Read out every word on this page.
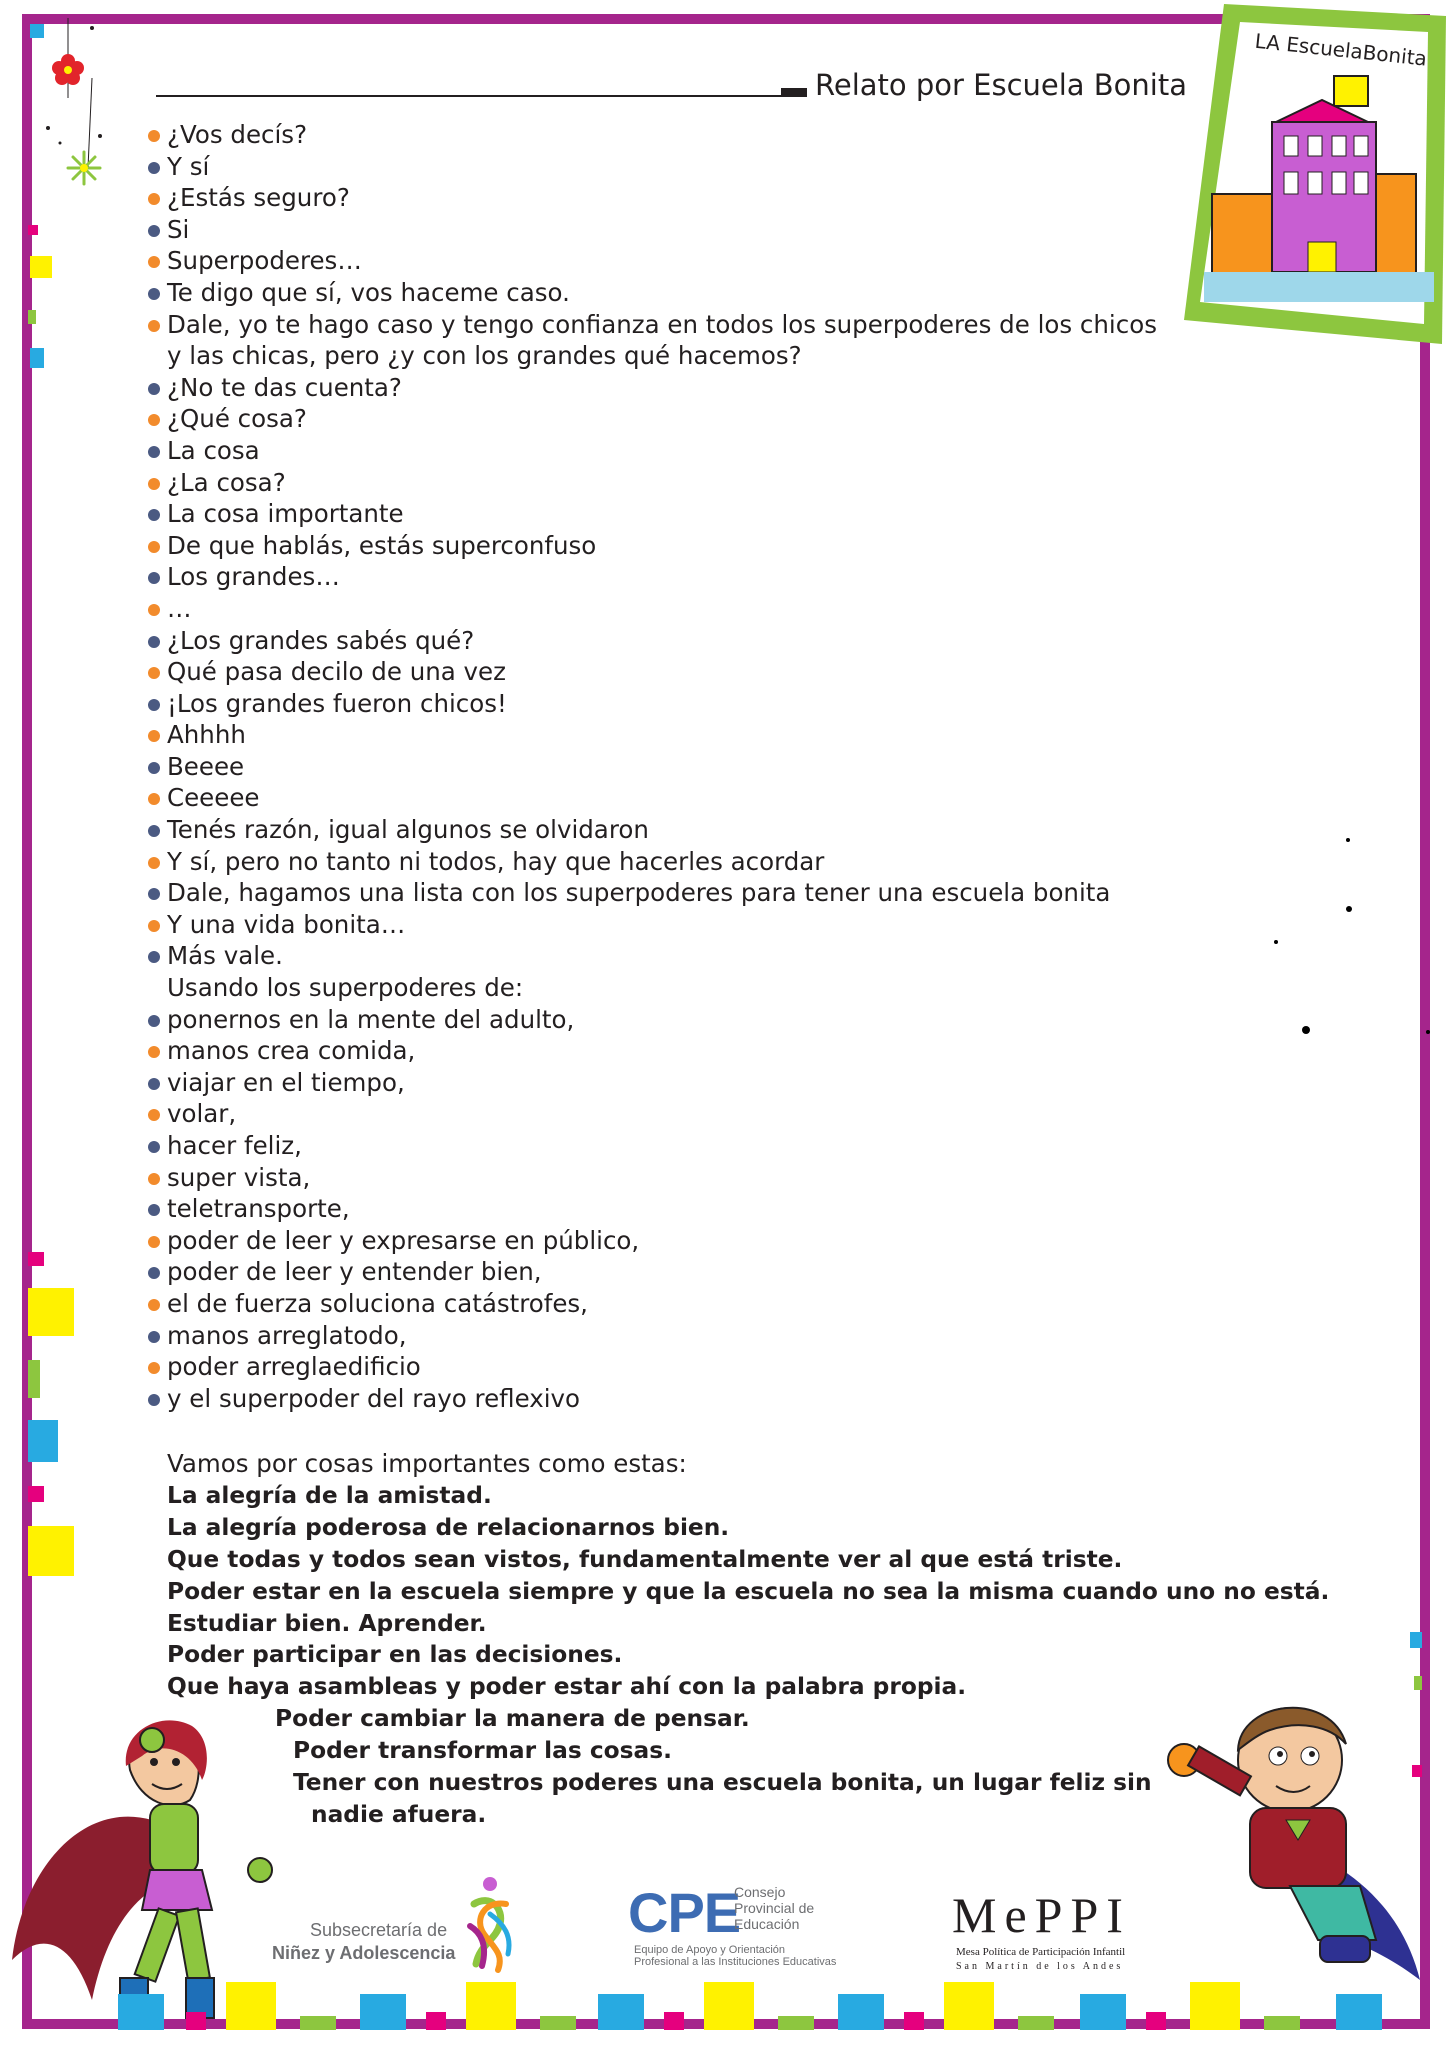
Relato por Escuela Bonita
LA EscuelaBonita
¿Vos decís?
Y sí
¿Estás seguro?
Si
Superpoderes…
Te digo que sí, vos haceme caso.
Dale, yo te hago caso y tengo confianza en todos los superpoderes de los chicos y las chicas, pero ¿y con los grandes qué hacemos?
¿No te das cuenta?
¿Qué cosa?
La cosa
¿La cosa?
La cosa importante
De que hablás, estás superconfuso
Los grandes…
…
¿Los grandes sabés qué?
Qué pasa decilo de una vez
¡Los grandes fueron chicos!
Ahhhh
Beeee
Ceeeee
Tenés razón, igual algunos se olvidaron
Y sí, pero no tanto ni todos, hay que hacerles acordar
Dale, hagamos una lista con los superpoderes para tener una escuela bonita
Y una vida bonita…
Más vale.
Usando los superpoderes de:
ponernos en la mente del adulto,
manos crea comida,
viajar en el tiempo,
volar,
hacer feliz,
super vista,
teletransporte,
poder de leer y expresarse en público,
poder de leer y entender bien,
el de fuerza soluciona catástrofes,
manos arreglatodo,
poder arreglaedificio
y el superpoder del rayo reflexivo
Vamos por cosas importantes como estas:
La alegría de la amistad.
La alegría poderosa de relacionarnos bien.
Que todas y todos sean vistos, fundamentalmente ver al que está triste.
Poder estar en la escuela siempre y que la escuela no sea la misma cuando uno no está.
Estudiar bien. Aprender.
Poder participar en las decisiones.
Que haya asambleas y poder estar ahí con la palabra propia.
Poder cambiar la manera de pensar.
Poder transformar las cosas.
Tener con nuestros poderes una escuela bonita, un lugar feliz sin
nadie afuera.
Subsecretaría de
Niñez y Adolescencia
CPE
Consejo
Provincial de
Educación
Equipo de Apoyo y Orientación
Profesional a las Instituciones Educativas
MePPI
Mesa Política de Participación Infantil
San Martín de los Andes
